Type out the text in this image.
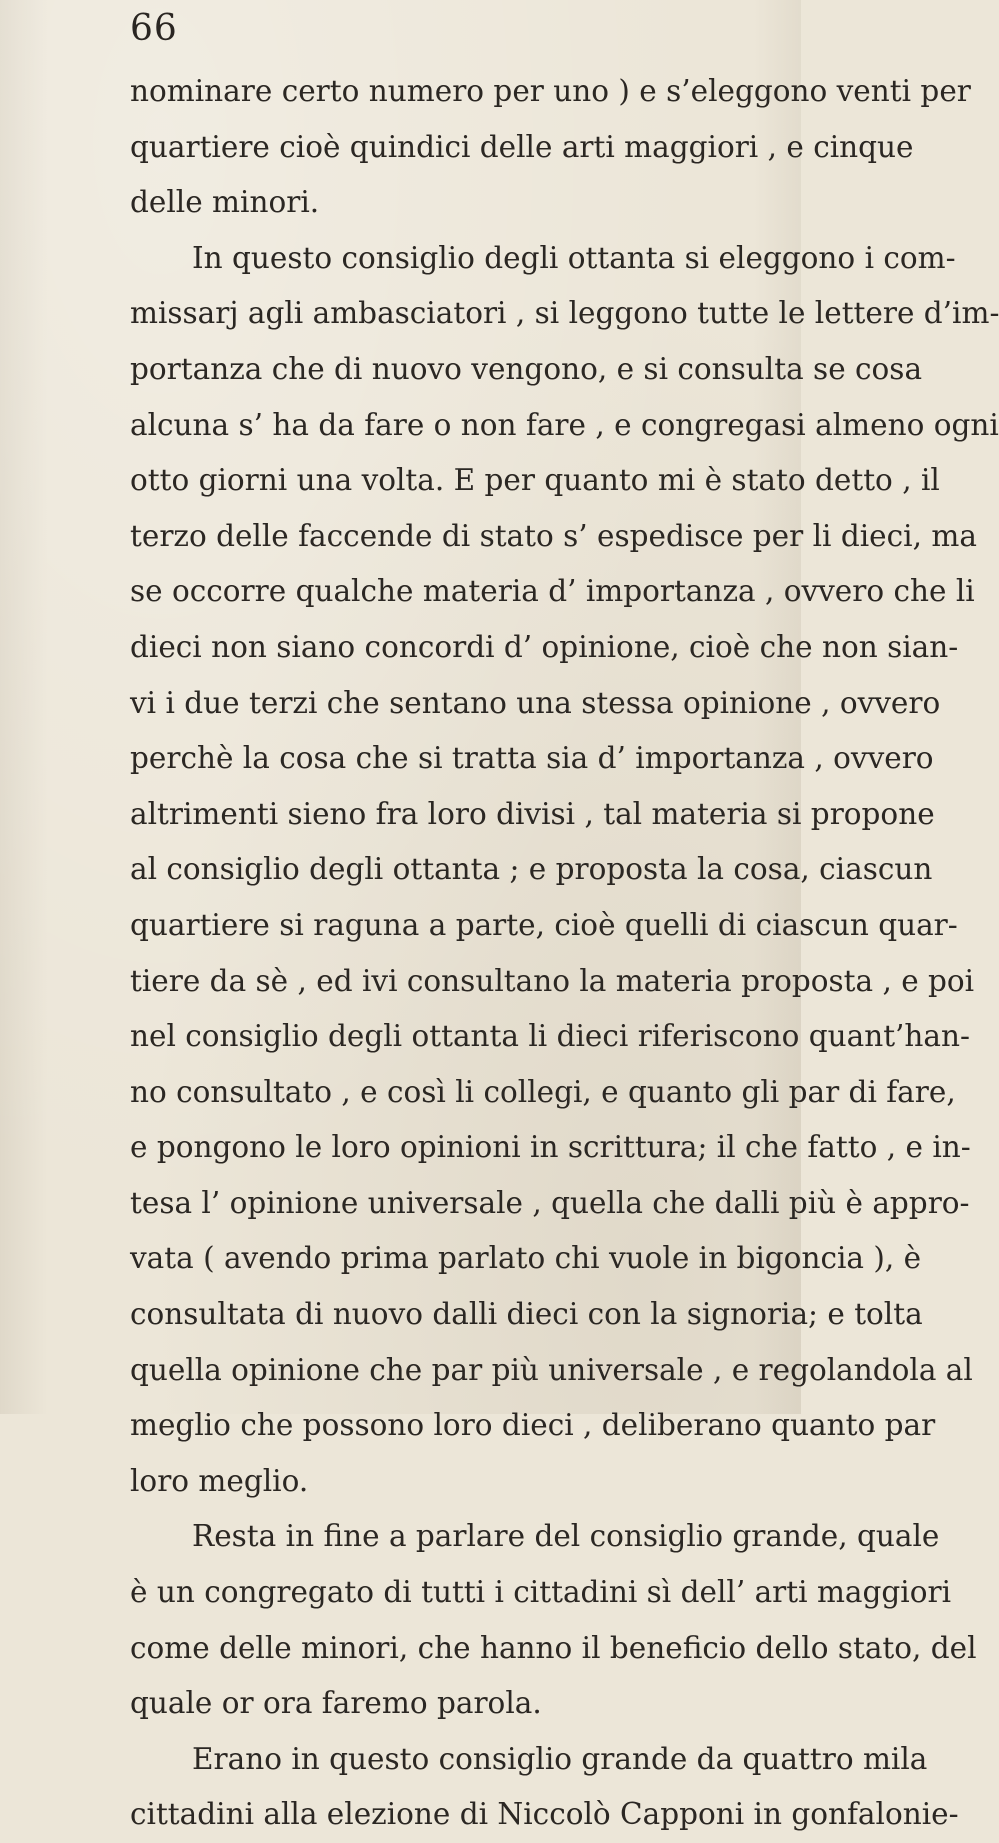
66
nominare certo numero per uno ) e s’eleggono venti per
quartiere cioè quindici delle arti maggiori , e cinque
delle minori.
In questo consiglio degli ottanta si eleggono i com-
missarj agli ambasciatori , si leggono tutte le lettere d’im-
portanza che di nuovo vengono, e si consulta se cosa
alcuna s’ ha da fare o non fare , e congregasi almeno ogni
otto giorni una volta. E per quanto mi è stato detto , il
terzo delle faccende di stato s’ espedisce per li dieci, ma
se occorre qualche materia d’ importanza , ovvero che li
dieci non siano concordi d’ opinione, cioè che non sian-
vi i due terzi che sentano una stessa opinione , ovvero
perchè la cosa che si tratta sia d’ importanza , ovvero
altrimenti sieno fra loro divisi , tal materia si propone
al consiglio degli ottanta ; e proposta la cosa, ciascun
quartiere si raguna a parte, cioè quelli di ciascun quar-
tiere da sè , ed ivi consultano la materia proposta , e poi
nel consiglio degli ottanta li dieci riferiscono quant’han-
no consultato , e così li collegi, e quanto gli par di fare,
e pongono le loro opinioni in scrittura; il che fatto , e in-
tesa l’ opinione universale , quella che dalli più è appro-
vata ( avendo prima parlato chi vuole in bigoncia ), è
consultata di nuovo dalli dieci con la signoria; e tolta
quella opinione che par più universale , e regolandola al
meglio che possono loro dieci , deliberano quanto par
loro meglio.
Resta in fine a parlare del consiglio grande, quale
è un congregato di tutti i cittadini sì dell’ arti maggiori
come delle minori, che hanno il beneficio dello stato, del
quale or ora faremo parola.
Erano in questo consiglio grande da quattro mila
cittadini alla elezione di Niccolò Capponi in gonfalonie-
